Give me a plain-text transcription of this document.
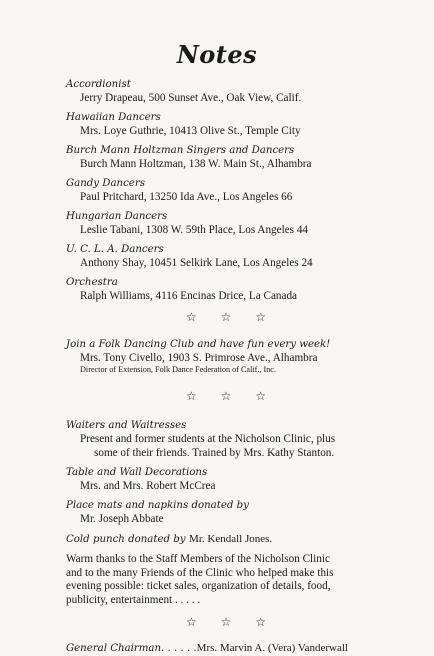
Notes
Accordionist
Jerry Drapeau, 500 Sunset Ave., Oak View, Calif.
Hawaiian Dancers
Mrs. Loye Guthrie, 10413 Olive St., Temple City
Burch Mann Holtzman Singers and Dancers
Burch Mann Holtzman, 138 W. Main St., Alhambra
Gandy Dancers
Paul Pritchard, 13250 Ida Ave., Los Angeles 66
Hungarian Dancers
Leslie Tabani, 1308 W. 59th Place, Los Angeles 44
U. C. L. A. Dancers
Anthony Shay, 10451 Selkirk Lane, Los Angeles 24
Orchestra
Ralph Williams, 4116 Encinas Drice, La Canada
☆ ☆ ☆
Join a Folk Dancing Club and have fun every week!
Mrs. Tony Civello, 1903 S. Primrose Ave., Alhambra
Director of Extension, Folk Dance Federation of Calif., Inc.
☆ ☆ ☆
Waiters and Waitresses
Present and former students at the Nicholson Clinic, plus
some of their friends. Trained by Mrs. Kathy Stanton.
Table and Wall Decorations
Mrs. and Mrs. Robert McCrea
Place mats and napkins donated by
Mr. Joseph Abbate
Cold punch donated by Mr. Kendall Jones.
Warm thanks to the Staff Members of the Nicholson Clinic
and to the many Friends of the Clinic who helped make this
evening possible: ticket sales, organization of details, food,
publicity, entertainment . . . . .
☆ ☆ ☆
General Chairman. . . . . .Mrs. Marvin A. (Vera) Vanderwall
